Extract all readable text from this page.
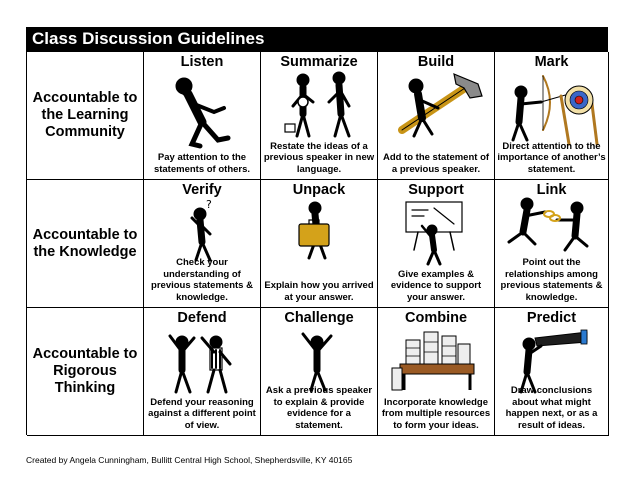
Class Discussion Guidelines
Accountable to the Learning Community
Listen
Pay attention to the statements of others.
Summarize
Restate the ideas of a previous speaker in new language.
Build
Add to the statement of a previous speaker.
Mark
Direct attention to the importance of another’s statement.
Accountable to the Knowledge
Verify
?
Check your understanding of previous statements & knowledge.
Unpack
Explain how you arrived at your answer.
Support
Give examples & evidence to support your answer.
Link
Point out the relationships among previous statements & knowledge.
Accountable to Rigorous Thinking
Defend
Defend your reasoning against a different point of view.
Challenge
Ask a previous speaker to explain & provide evidence for a statement.
Combine
Incorporate knowledge from multiple resources to form your ideas.
Predict
Draw conclusions about what might happen next, or as a result of ideas.
Created by Angela Cunningham, Bullitt Central High School, Shepherdsville, KY 40165
